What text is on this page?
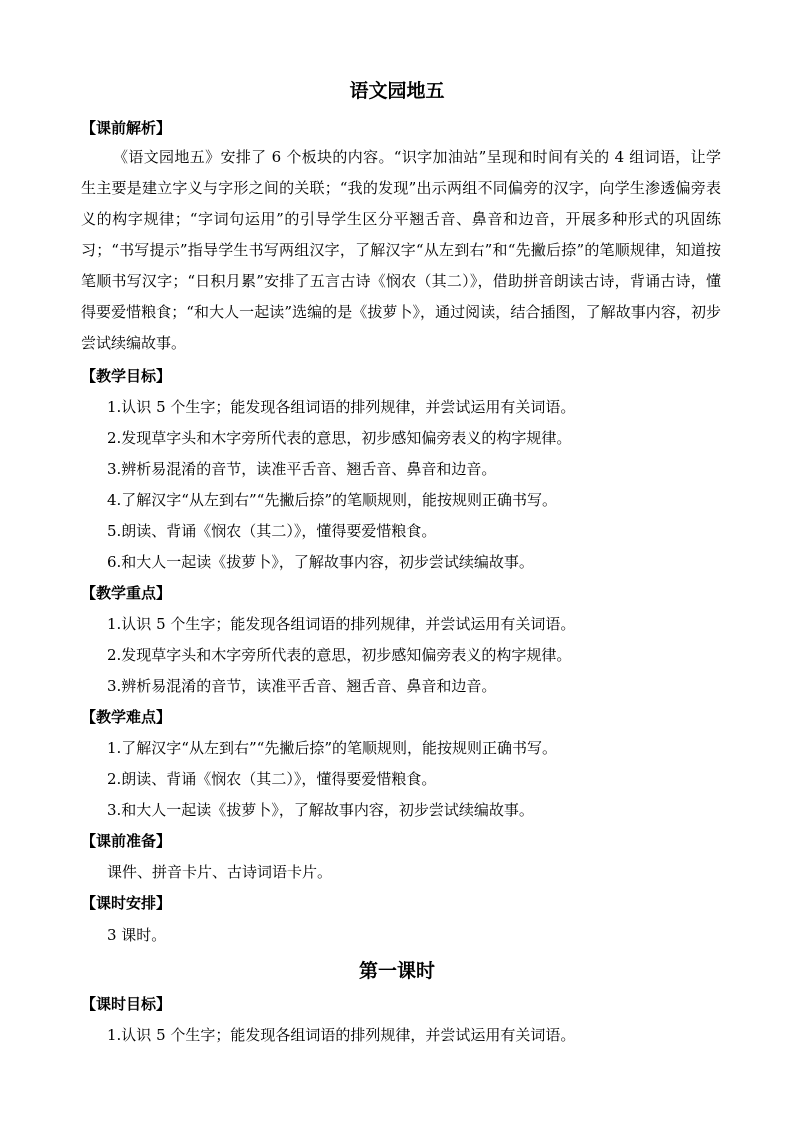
语文园地五
【课前解析】

《语文园地五》安排了 6 个板块的内容。“识字加油站”呈现和时间有关的 4 组词语，让学生主要是建立字义与字形之间的关联；“我的发现”出示两组不同偏旁的汉字，向学生渗透偏旁表义的构字规律；“字词句运用”的引导学生区分平翘舌音、鼻音和边音，开展多种形式的巩固练习；“书写提示”指导学生书写两组汉字，了解汉字“从左到右”和“先撇后捺”的笔顺规律，知道按笔顺书写汉字；“日积月累”安排了五言古诗《悯农（其二）》，借助拼音朗读古诗，背诵古诗，懂得要爱惜粮食；“和大人一起读”选编的是《拔萝卜》，通过阅读，结合插图，了解故事内容，初步尝试续编故事。

【教学目标】
1.认识 5 个生字；能发现各组词语的排列规律，并尝试运用有关词语。
2.发现草字头和木字旁所代表的意思，初步感知偏旁表义的构字规律。
3.辨析易混淆的音节，读准平舌音、翘舌音、鼻音和边音。
4.了解汉字“从左到右”“先撇后捺”的笔顺规则，能按规则正确书写。
5.朗读、背诵《悯农（其二）》，懂得要爱惜粮食。
6.和大人一起读《拔萝卜》，了解故事内容，初步尝试续编故事。
【教学重点】
1.认识 5 个生字；能发现各组词语的排列规律，并尝试运用有关词语。
2.发现草字头和木字旁所代表的意思，初步感知偏旁表义的构字规律。
3.辨析易混淆的音节，读准平舌音、翘舌音、鼻音和边音。
【教学难点】
1.了解汉字“从左到右”“先撇后捺”的笔顺规则，能按规则正确书写。
2.朗读、背诵《悯农（其二）》，懂得要爱惜粮食。
3.和大人一起读《拔萝卜》，了解故事内容，初步尝试续编故事。
【课前准备】
课件、拼音卡片、古诗词语卡片。
【课时安排】
3 课时。
第一课时
【课时目标】
1.认识 5 个生字；能发现各组词语的排列规律，并尝试运用有关词语。
